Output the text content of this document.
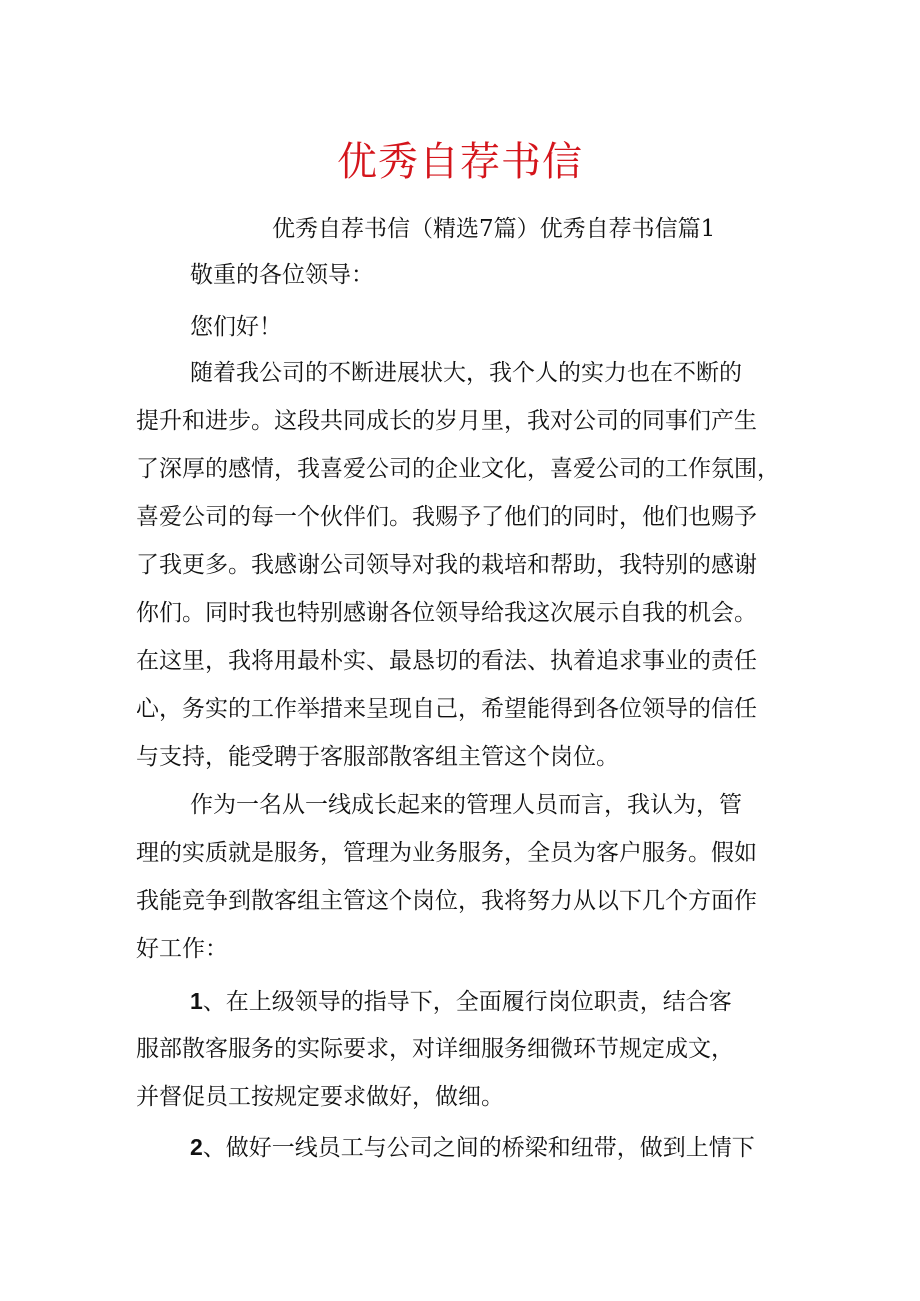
优秀自荐书信

优秀自荐书信（精选7篇）优秀自荐书信篇1

敬重的各位领导：

您们好！

随着我公司的不断进展状大，我个人的实力也在不断的

提升和进步。这段共同成长的岁月里，我对公司的同事们产生

了深厚的感情，我喜爱公司的企业文化，喜爱公司的工作氛围，

喜爱公司的每一个伙伴们。我赐予了他们的同时，他们也赐予

了我更多。我感谢公司领导对我的栽培和帮助，我特别的感谢

你们。同时我也特别感谢各位领导给我这次展示自我的机会。

在这里，我将用最朴实、最恳切的看法、执着追求事业的责任

心，务实的工作举措来呈现自己，希望能得到各位领导的信任

与支持，能受聘于客服部散客组主管这个岗位。

作为一名从一线成长起来的管理人员而言，我认为，管

理的实质就是服务，管理为业务服务，全员为客户服务。假如

我能竞争到散客组主管这个岗位，我将努力从以下几个方面作

好工作：

1、在上级领导的指导下，全面履行岗位职责，结合客

服部散客服务的实际要求，对详细服务细微环节规定成文，

并督促员工按规定要求做好，做细。

2、做好一线员工与公司之间的桥梁和纽带，做到上情下
